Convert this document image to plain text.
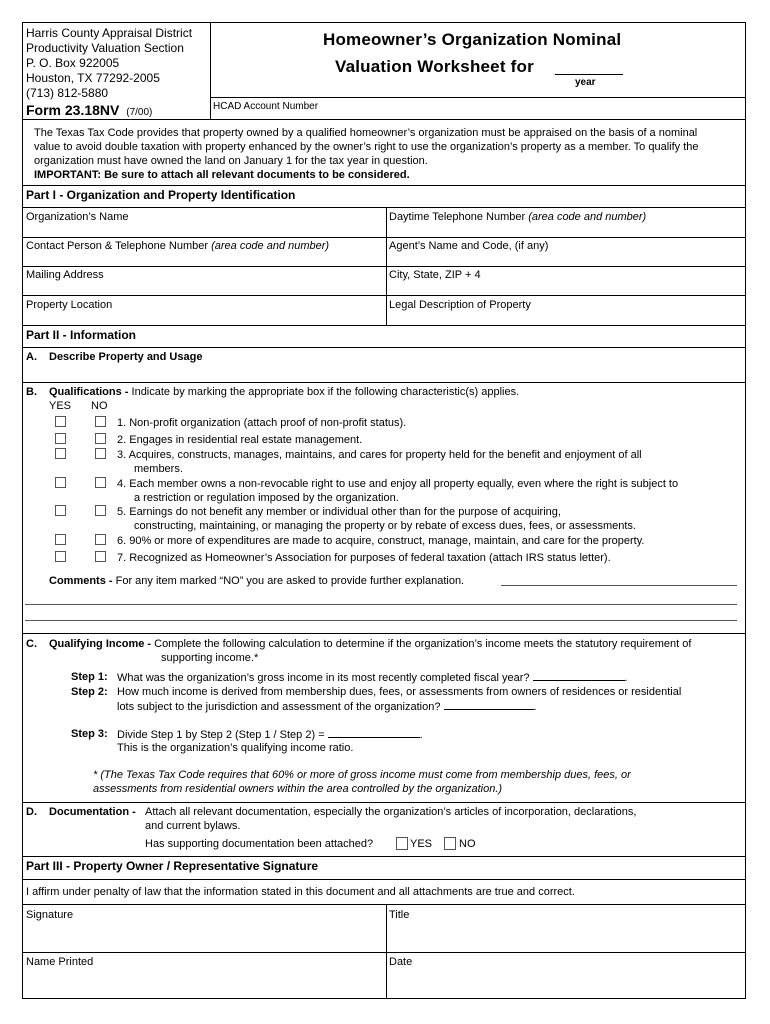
Harris County Appraisal District
Productivity Valuation Section
P. O. Box 922005
Houston, TX 77292-2005
(713) 812-5880
Form 23.18NV (7/00)
Homeowner’s Organization Nominal
Valuation Worksheet for
year
HCAD Account Number
The Texas Tax Code provides that property owned by a qualified homeowner’s organization must be appraised on the basis of a nominal
value to avoid double taxation with property enhanced by the owner’s right to use the organization’s property as a member. To qualify the
organization must have owned the land on January 1 for the tax year in question.
IMPORTANT: Be sure to attach all relevant documents to be considered.
Part I - Organization and Property Identification
Organization’s Name	Daytime Telephone Number (area code and number)
Contact Person & Telephone Number (area code and number)	Agent’s Name and Code, (if any)
Mailing Address	City, State, ZIP + 4
Property Location	Legal Description of Property
Part II - Information
A. Describe Property and Usage
B. Qualifications - Indicate by marking the appropriate box if the following characteristic(s) applies.
YES NO
1. Non-profit organization (attach proof of non-profit status).
2. Engages in residential real estate management.
3. Acquires, constructs, manages, maintains, and cares for property held for the benefit and enjoyment of all
members.
4. Each member owns a non-revocable right to use and enjoy all property equally, even where the right is subject to
a restriction or regulation imposed by the organization.
5. Earnings do not benefit any member or individual other than for the purpose of acquiring,
constructing, maintaining, or managing the property or by rebate of excess dues, fees, or assessments.
6. 90% or more of expenditures are made to acquire, construct, manage, maintain, and care for the property.
7. Recognized as Homeowner’s Association for purposes of federal taxation (attach IRS status letter).
Comments - For any item marked “NO” you are asked to provide further explanation.
C. Qualifying Income - Complete the following calculation to determine if the organization’s income meets the statutory requirement of
supporting income.*
Step 1: What was the organization’s gross income in its most recently completed fiscal year?	.
Step 2: How much income is derived from membership dues, fees, or assessments from owners of residences or residential
lots subject to the jurisdiction and assessment of the organization?	.
Step 3: Divide Step 1 by Step 2 (Step 1 / Step 2) =	.
This is the organization’s qualifying income ratio.
* (The Texas Tax Code requires that 60% or more of gross income must come from membership dues, fees, or
assessments from residential owners within the area controlled by the organization.)
D. Documentation - Attach all relevant documentation, especially the organization’s articles of incorporation, declarations,
and current bylaws.
Has supporting documentation been attached?	YES NO
Part III - Property Owner / Representative Signature
I affirm under penalty of law that the information stated in this document and all attachments are true and correct.
Signature	Title
Name Printed	Date
